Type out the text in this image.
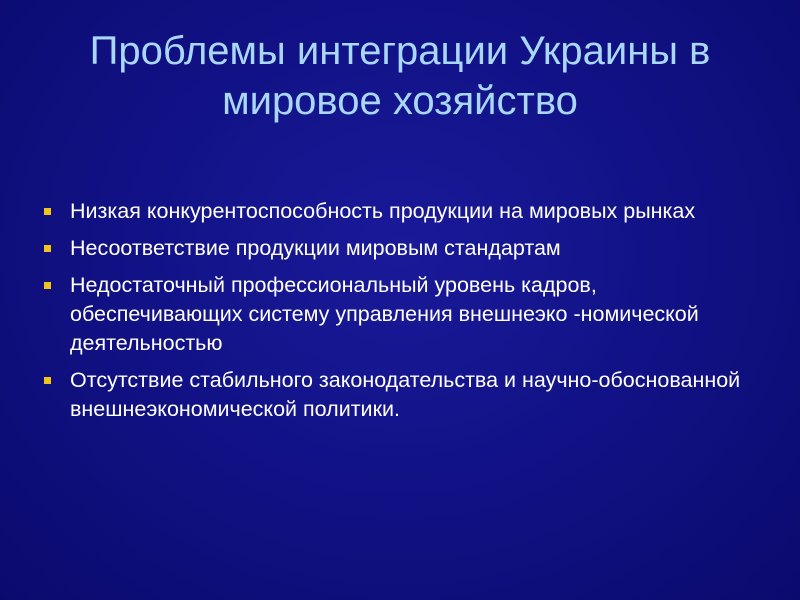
Проблемы интеграции Украины в мировое хозяйство
Низкая конкурентоспособность продукции на мировых рынках
Несоответствие продукции мировым стандартам
Недостаточный профессиональный уровень кадров, обеспечивающих систему управления внешнеэко -номической деятельностью
Отсутствие стабильного законодательства и научно-обоснованной внешнеэкономической политики.
